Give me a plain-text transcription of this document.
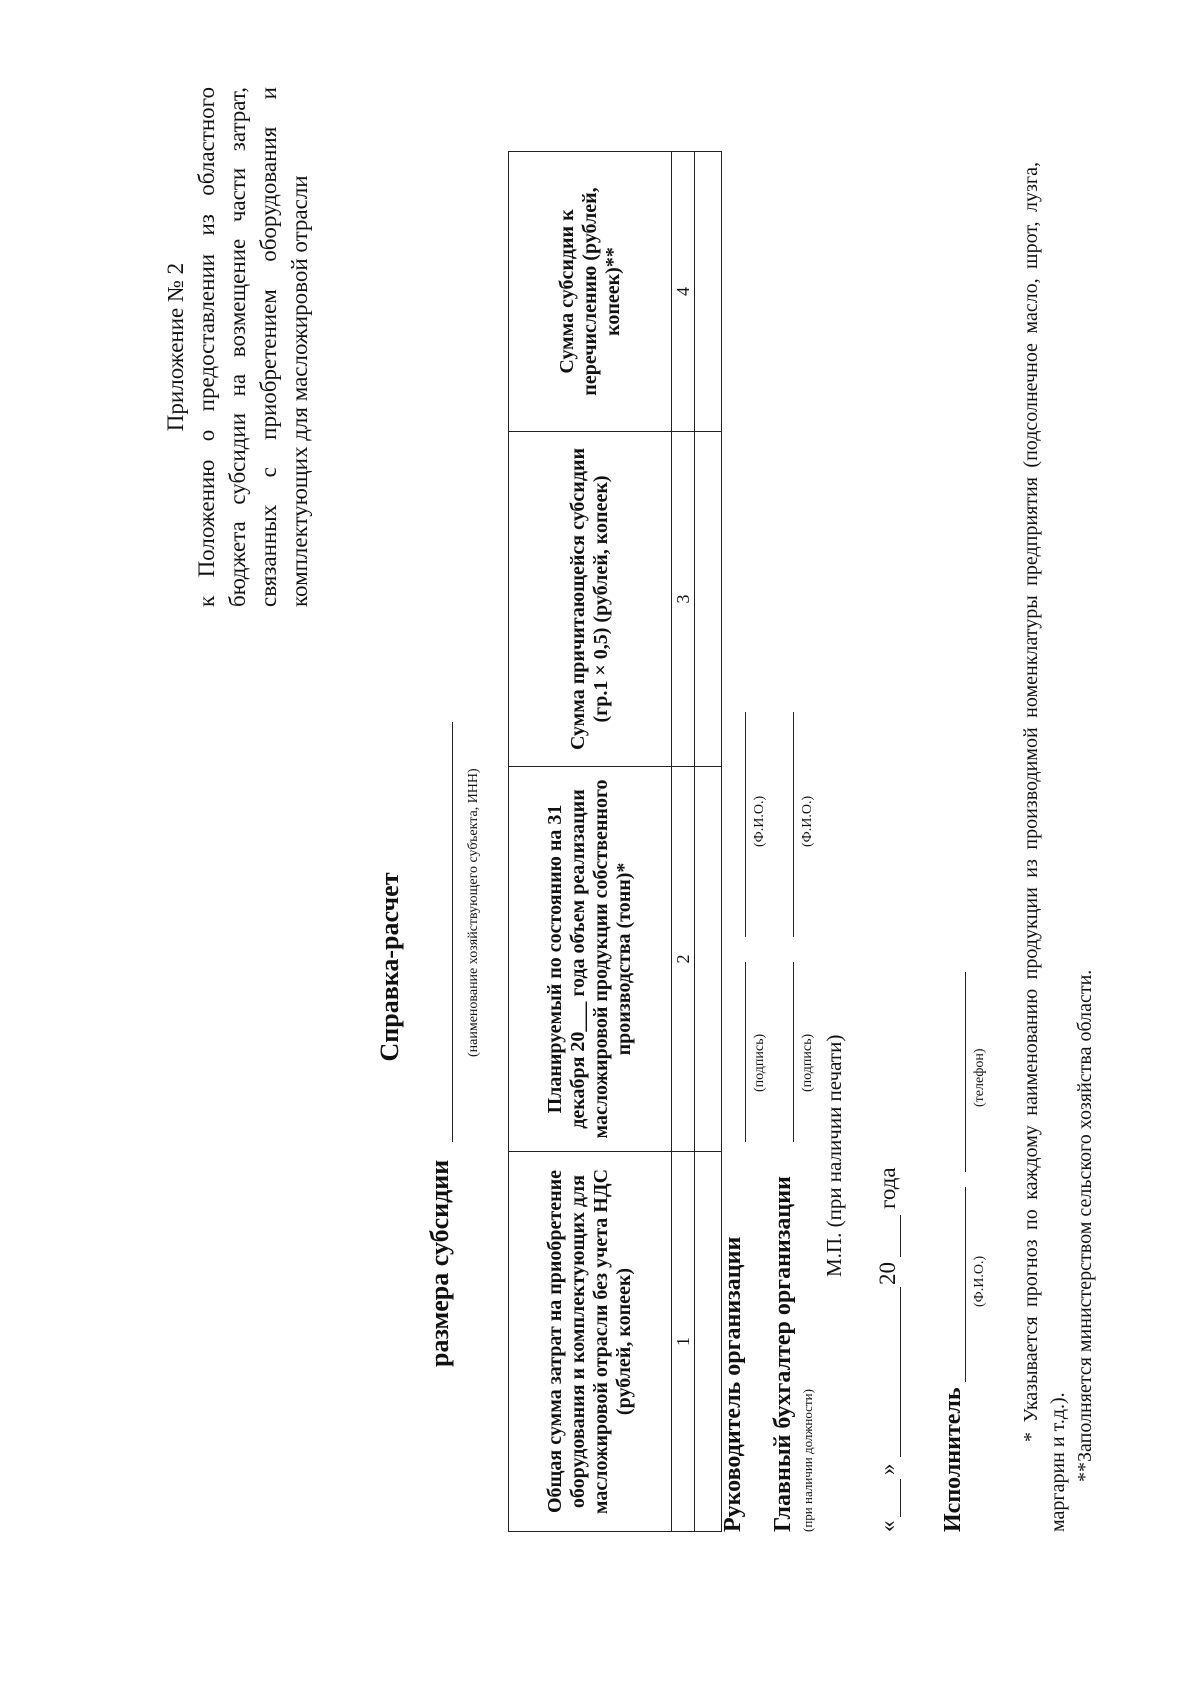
Приложение № 2 к Положению о предоставлении из областного бюджета субсидии на возмещение части затрат, связанных с приобретением оборудования и комплектующих для масложировой отрасли
Справка-расчет
размера субсидии
(наименование хозяйствующего субъекта, ИНН)
Общая сумма затрат на приобретение оборудования и комплектующих для масложировой отрасли без учета НДС (рублей, копеек)	Планируемый по состоянию на 31 декабря 20___ года объем реализации масложировой продукции собственного производства (тонн)*	Сумма причитающейся субсидии (гр.1 × 0,5) (рублей, копеек)	Сумма субсидии к перечислению (рублей, копеек)**
1	2	3	4

Руководитель организации
(подпись)
(Ф.И.О.)
Главный бухгалтер организации (при наличии должности)
(подпись)
(Ф.И.О.)
М.П. (при наличии печати)
«
»
20
года
Исполнитель
(Ф.И.О.)
(телефон) * Указывается прогноз по каждому наименованию продукции из производимой номенклатуры предприятия (подсолнечное масло, шрот, лузга, маргарин и т.д.). **Заполняется министерством сельского хозяйства области.
